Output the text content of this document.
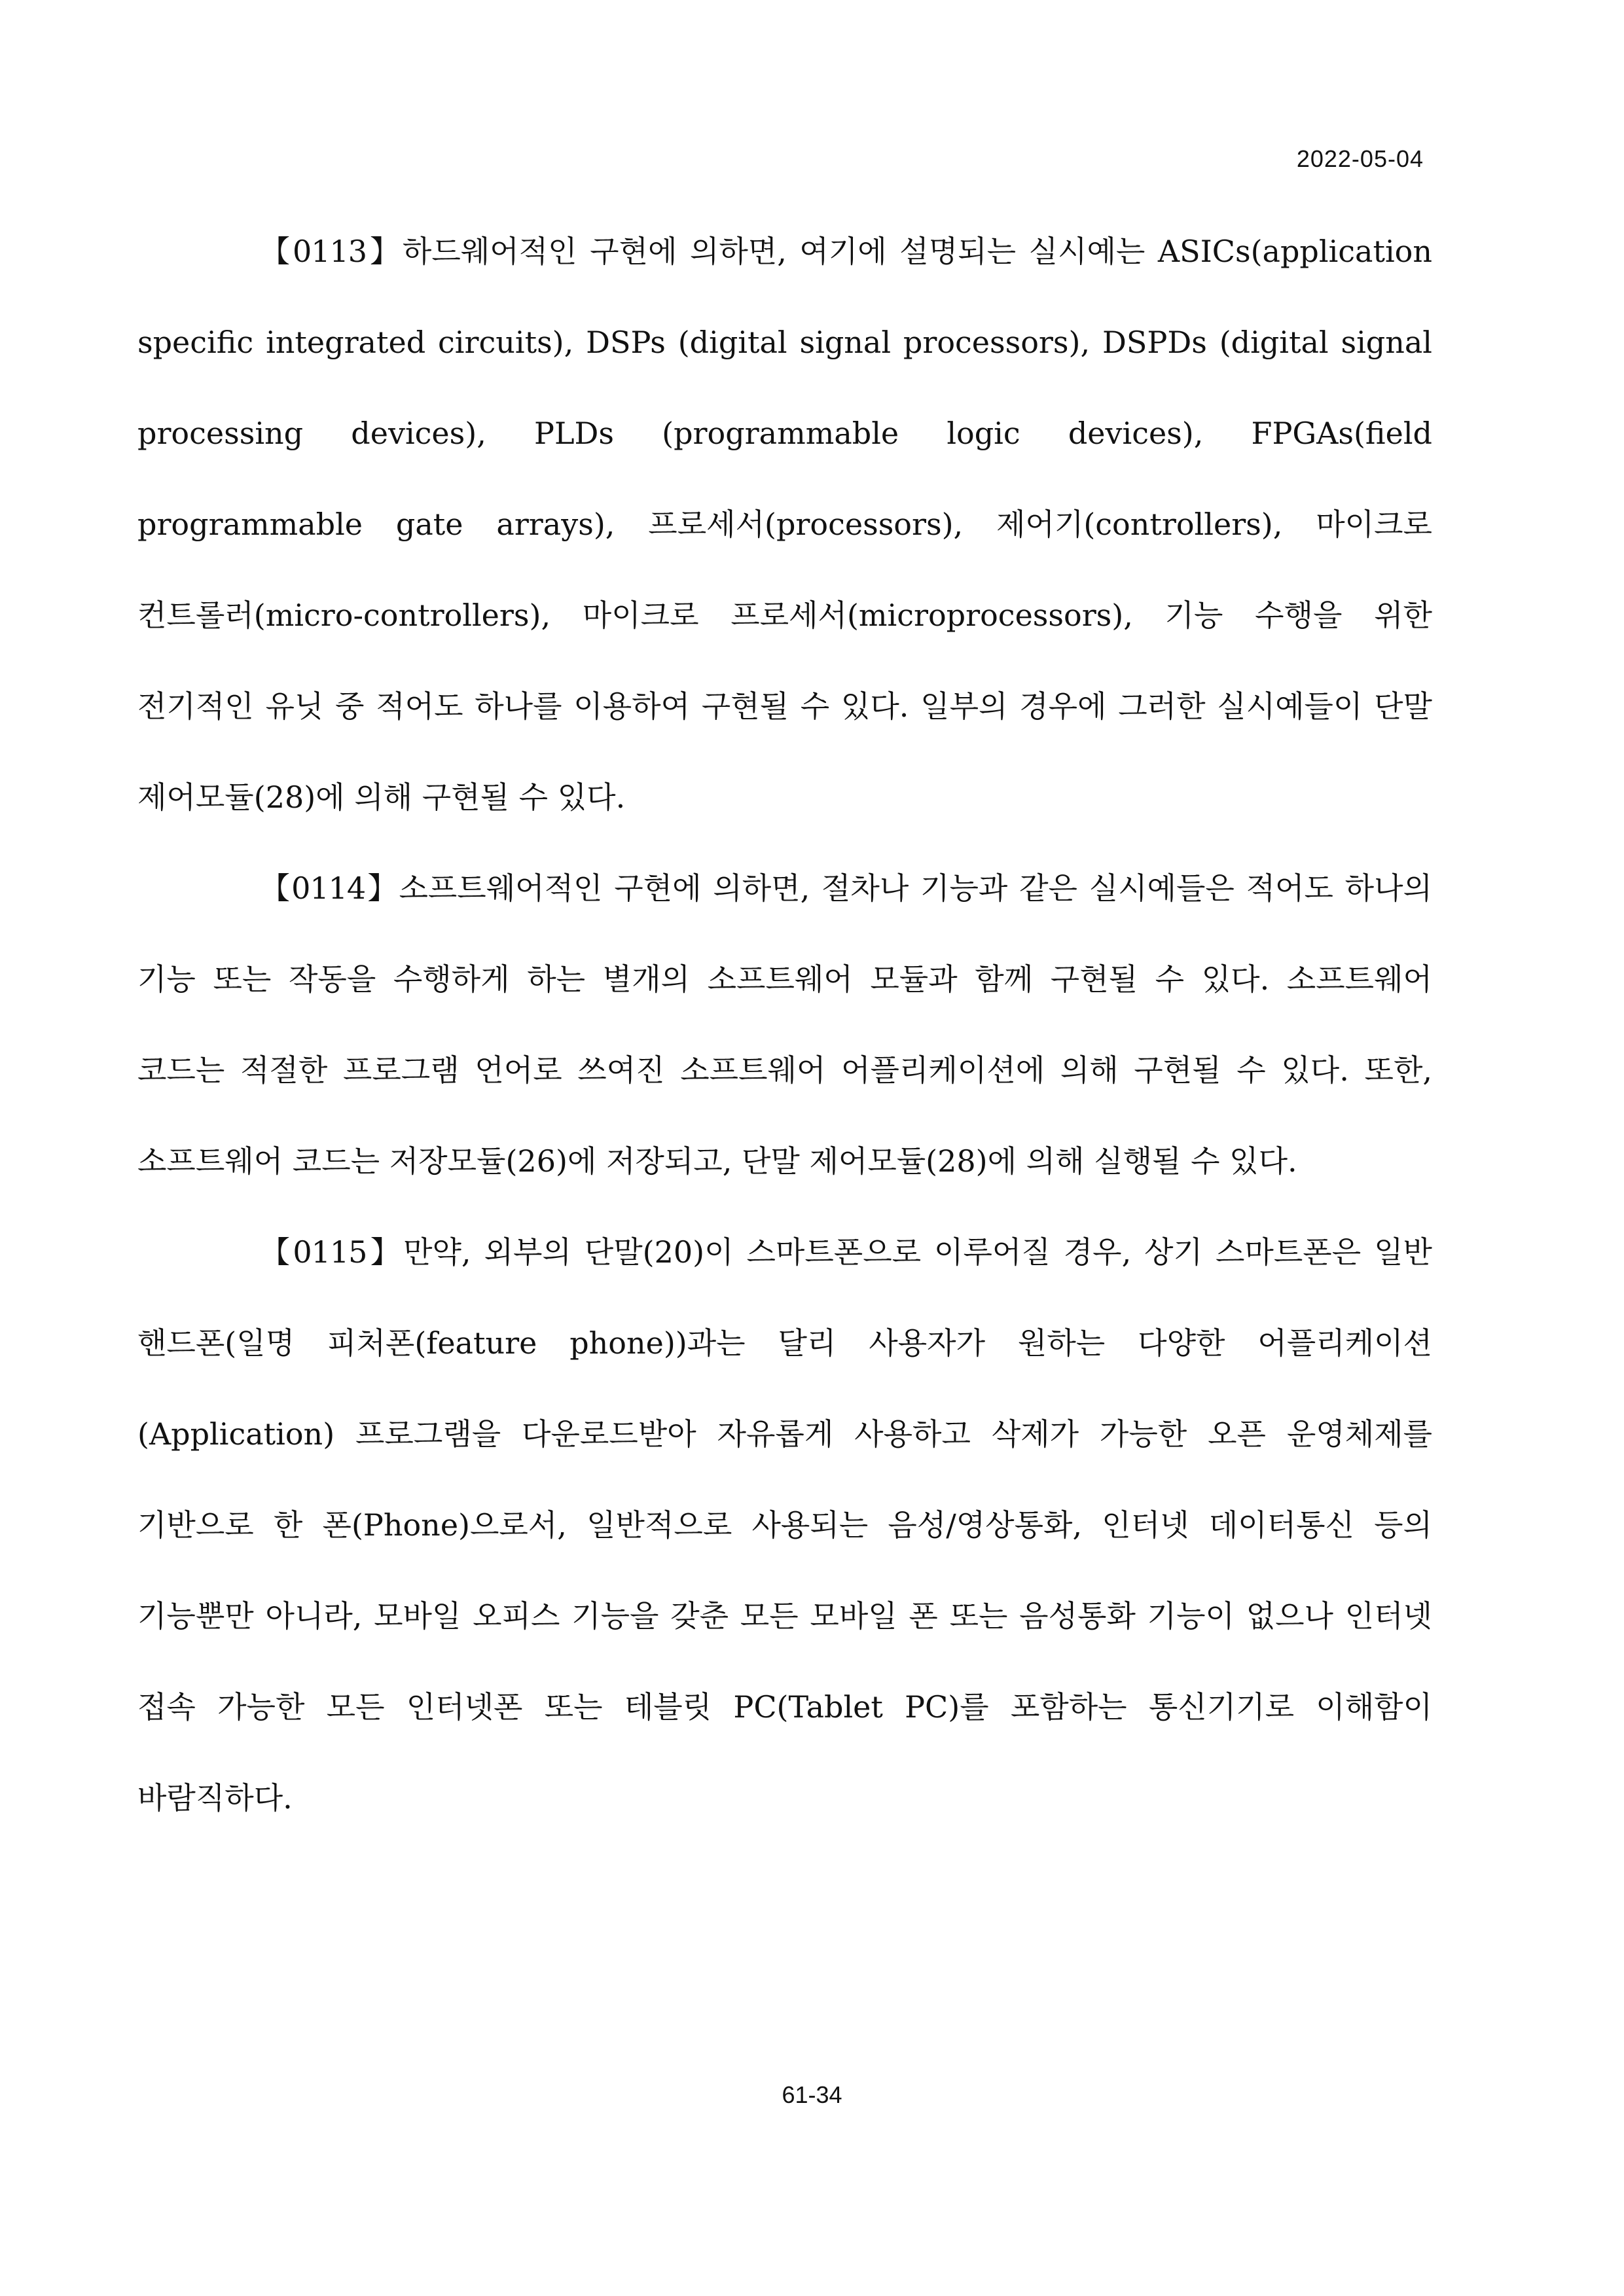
2022-05-04

【0113】하드웨어적인 구현에 의하면, 여기에 설명되는 실시예는 ASICs(application specific integrated circuits), DSPs (digital signal processors), DSPDs (digital signal processing devices), PLDs (programmable logic devices), FPGAs(field programmable gate arrays), 프로세서(processors), 제어기(controllers), 마이크로 컨트롤러(micro-controllers), 마이크로 프로세서(microprocessors), 기능 수행을 위한 전기적인 유닛 중 적어도 하나를 이용하여 구현될 수 있다. 일부의 경우에 그러한 실시예들이 단말 제어모듈(28)에 의해 구현될 수 있다.

【0114】소프트웨어적인 구현에 의하면, 절차나 기능과 같은 실시예들은 적어도 하나의 기능 또는 작동을 수행하게 하는 별개의 소프트웨어 모듈과 함께 구현될 수 있다. 소프트웨어 코드는 적절한 프로그램 언어로 쓰여진 소프트웨어 어플리케이션에 의해 구현될 수 있다. 또한, 소프트웨어 코드는 저장모듈(26)에 저장되고, 단말 제어모듈(28)에 의해 실행될 수 있다.

【0115】만약, 외부의 단말(20)이 스마트폰으로 이루어질 경우, 상기 스마트폰은 일반 핸드폰(일명 피처폰(feature phone))과는 달리 사용자가 원하는 다양한 어플리케이션(Application) 프로그램을 다운로드받아 자유롭게 사용하고 삭제가 가능한 오픈 운영체제를 기반으로 한 폰(Phone)으로서, 일반적으로 사용되는 음성/영상통화, 인터넷 데이터통신 등의 기능뿐만 아니라, 모바일 오피스 기능을 갖춘 모든 모바일 폰 또는 음성통화 기능이 없으나 인터넷 접속 가능한 모든 인터넷폰 또는 테블릿 PC(Tablet PC)를 포함하는 통신기기로 이해함이 바람직하다.

61-34
